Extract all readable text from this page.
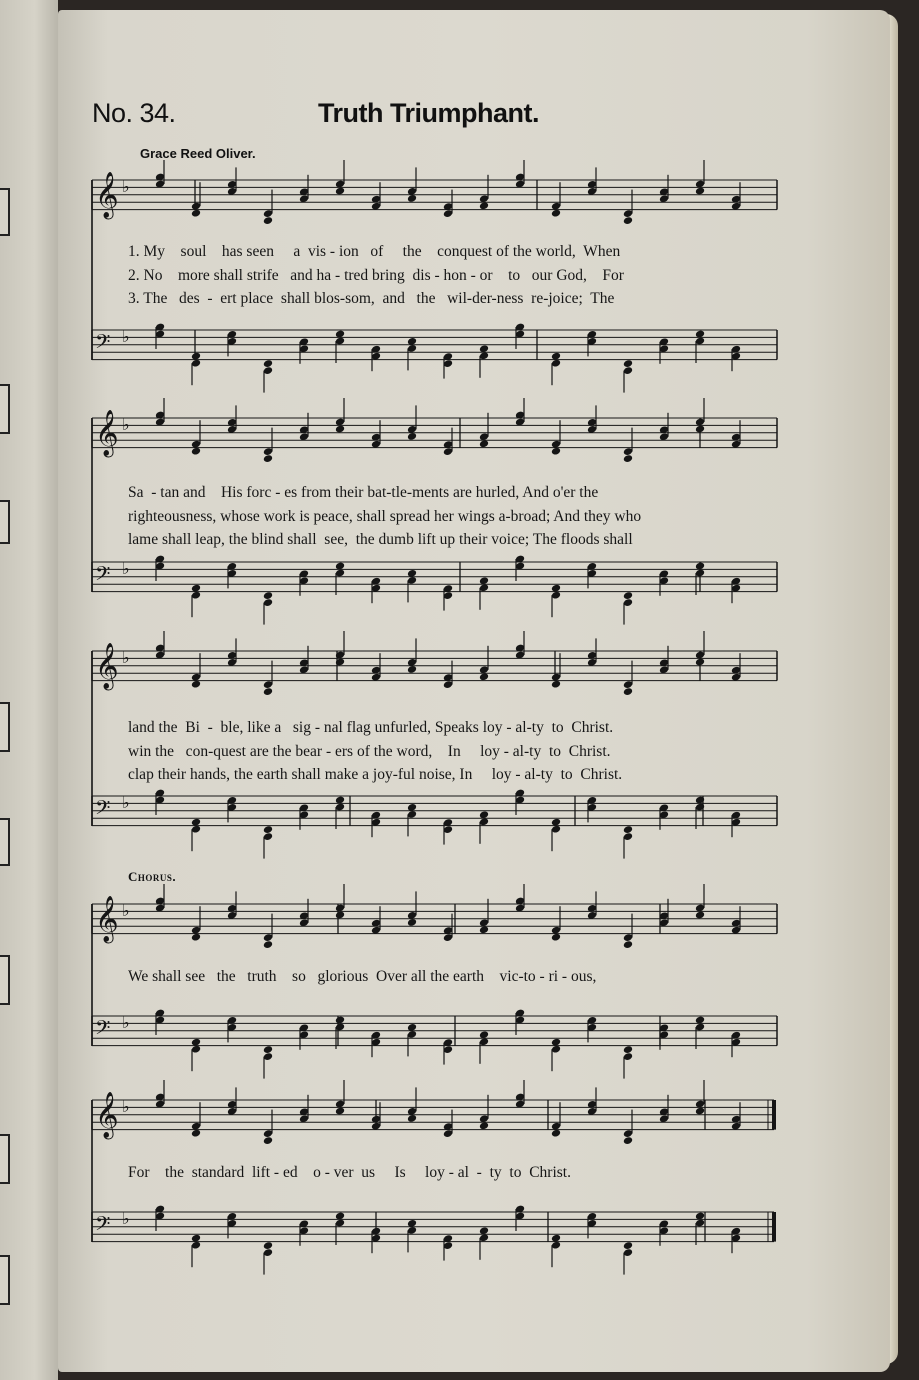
No. 34.	Truth Triumphant.
Grace Reed Oliver.
Chorus.
𝄞 ♭
𝄢 ♭
𝄞 ♭
𝄢 ♭
𝄞 ♭
𝄢 ♭
𝄞 ♭
𝄢 ♭
𝄞 ♭
𝄢 ♭
1. My    soul    has seen     a  vis - ion   of     the    conquest of the world,  When
2. No    more shall strife   and ha - tred bring  dis - hon - or    to   our God,    For
3. The   des  -  ert place  shall blos-som,  and   the   wil-der-ness  re-joice;  The
Sa  - tan and    His forc - es from their bat-tle-ments are hurled, And o'er the
righteousness, whose work is peace, shall spread her wings a-broad; And they who
lame shall leap, the blind shall  see,  the dumb lift up their voice; The floods shall
land the  Bi  -  ble, like a   sig - nal flag unfurled, Speaks loy - al-ty  to  Christ.
win the   con-quest are the bear - ers of the word,    In     loy - al-ty  to  Christ.
clap their hands, the earth shall make a joy-ful noise, In     loy - al-ty  to  Christ.
We shall see   the   truth    so   glorious  Over all the earth    vic-to - ri - ous,
For    the  standard  lift - ed    o - ver  us     Is     loy - al  -  ty  to  Christ.
